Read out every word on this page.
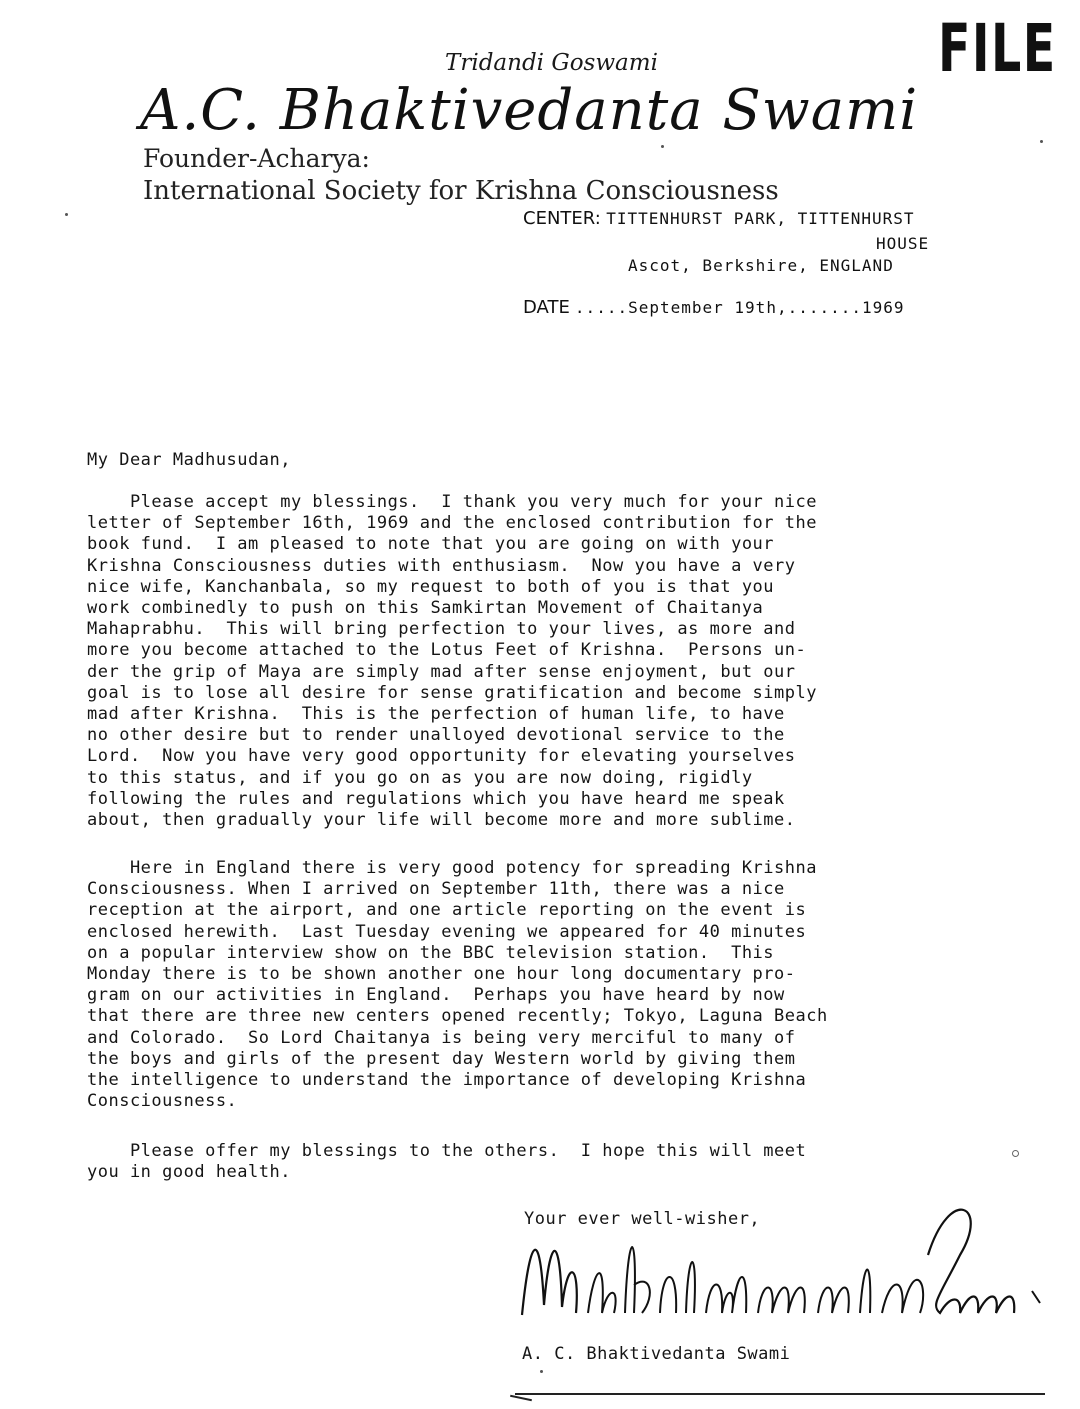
Tridandi Goswami
A.C. Bhaktivedanta Swami
FILE
Founder-Acharya:
International Society for Krishna Consciousness
CENTER: TITTENHURST PARK, TITTENHURST
HOUSE
Ascot, Berkshire, ENGLAND
DATE .....September 19th,.......1969
My Dear Madhusudan,
Please accept my blessings.  I thank you very much for your nice
letter of September 16th, 1969 and the enclosed contribution for the
book fund.  I am pleased to note that you are going on with your
Krishna Consciousness duties with enthusiasm.  Now you have a very
nice wife, Kanchanbala, so my request to both of you is that you
work combinedly to push on this Samkirtan Movement of Chaitanya
Mahaprabhu.  This will bring perfection to your lives, as more and
more you become attached to the Lotus Feet of Krishna.  Persons un-
der the grip of Maya are simply mad after sense enjoyment, but our
goal is to lose all desire for sense gratification and become simply
mad after Krishna.  This is the perfection of human life, to have
no other desire but to render unalloyed devotional service to the
Lord.  Now you have very good opportunity for elevating yourselves
to this status, and if you go on as you are now doing, rigidly
following the rules and regulations which you have heard me speak
about, then gradually your life will become more and more sublime.
Here in England there is very good potency for spreading Krishna
Consciousness. When I arrived on September 11th, there was a nice
reception at the airport, and one article reporting on the event is
enclosed herewith.  Last Tuesday evening we appeared for 40 minutes
on a popular interview show on the BBC television station.  This
Monday there is to be shown another one hour long documentary pro-
gram on our activities in England.  Perhaps you have heard by now
that there are three new centers opened recently; Tokyo, Laguna Beach
and Colorado.  So Lord Chaitanya is being very merciful to many of
the boys and girls of the present day Western world by giving them
the intelligence to understand the importance of developing Krishna
Consciousness.
Please offer my blessings to the others.  I hope this will meet
you in good health.
Your ever well-wisher,
A. C. Bhaktivedanta Swami
